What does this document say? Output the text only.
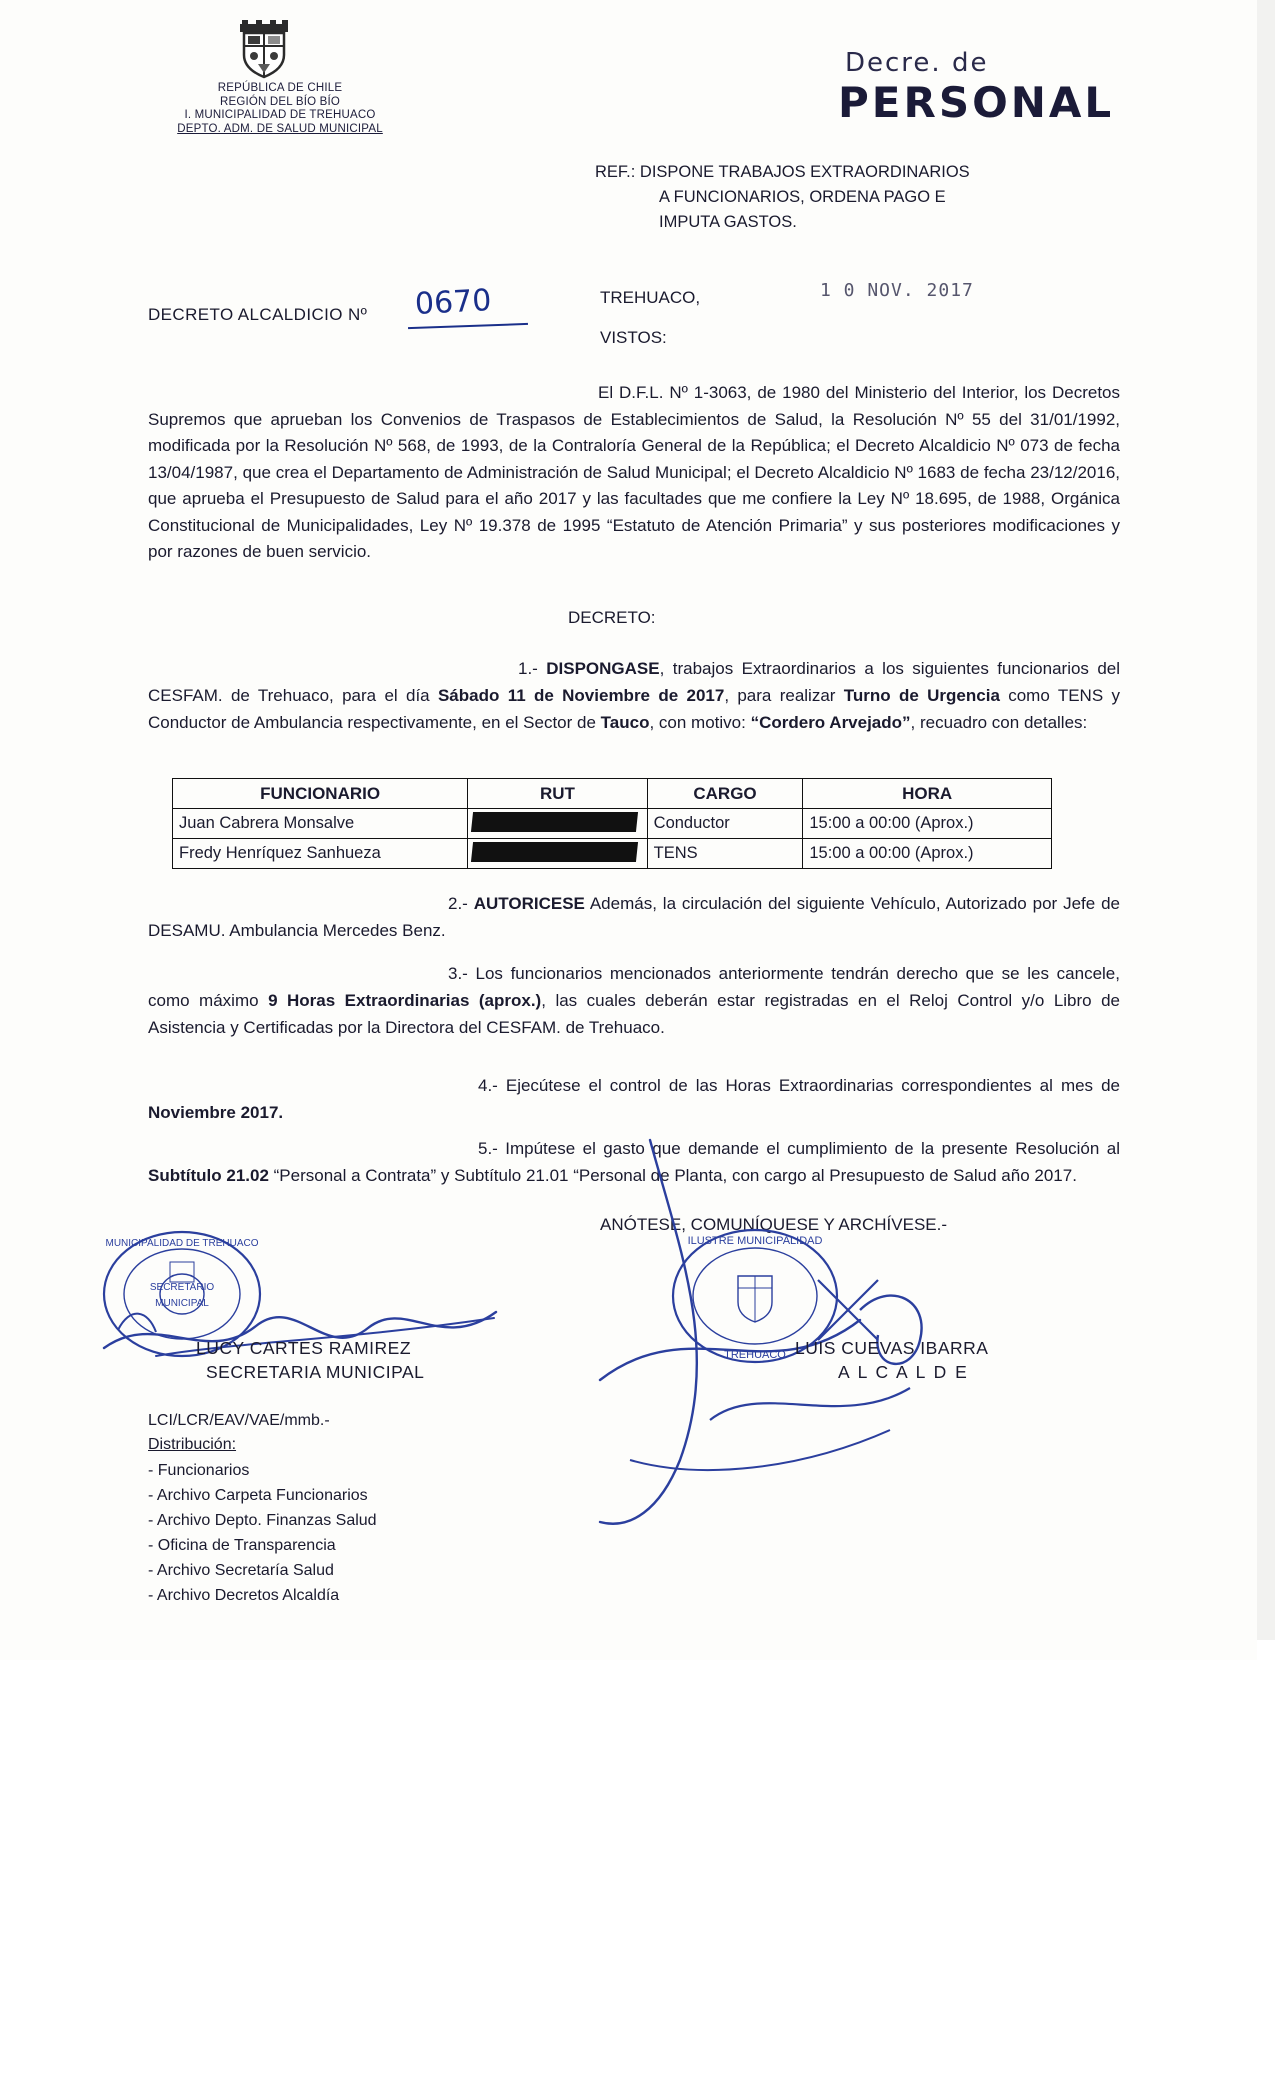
REPÚBLICA DE CHILE
REGIÓN DEL BÍO BÍO
I. MUNICIPALIDAD DE TREHUACO
DEPTO. ADM. DE SALUD MUNICIPAL
Decre. de
PERSONAL
REF.: DISPONE TRABAJOS EXTRAORDINARIOS
A FUNCIONARIOS, ORDENA PAGO E
IMPUTA GASTOS.
DECRETO ALCALDICIO Nº 0670	TREHUACO,	1 0 NOV. 2017
VISTOS:
El D.F.L. Nº 1-3063, de 1980 del Ministerio del Interior, los Decretos Supremos que aprueban los Convenios de Traspasos de Establecimientos de Salud, la Resolución Nº 55 del 31/01/1992, modificada por la Resolución Nº 568, de 1993, de la Contraloría General de la República; el Decreto Alcaldicio Nº 073 de fecha 13/04/1987, que crea el Departamento de Administración de Salud Municipal; el Decreto Alcaldicio Nº 1683 de fecha 23/12/2016, que aprueba el Presupuesto de Salud para el año 2017 y las facultades que me confiere la Ley Nº 18.695, de 1988, Orgánica Constitucional de Municipalidades, Ley Nº 19.378 de 1995 “Estatuto de Atención Primaria” y sus posteriores modificaciones y por razones de buen servicio.
DECRETO:
1.- DISPONGASE, trabajos Extraordinarios a los siguientes funcionarios del CESFAM. de Trehuaco, para el día Sábado 11 de Noviembre de 2017, para realizar Turno de Urgencia como TENS y Conductor de Ambulancia respectivamente, en el Sector de Tauco, con motivo: “Cordero Arvejado”, recuadro con detalles:
FUNCIONARIO	RUT	CARGO	HORA
Juan Cabrera Monsalve		Conductor	15:00 a 00:00 (Aprox.)
Fredy Henríquez Sanhueza		TENS	15:00 a 00:00 (Aprox.)
2.- AUTORICESE Además, la circulación del siguiente Vehículo, Autorizado por Jefe de DESAMU. Ambulancia Mercedes Benz.
3.- Los funcionarios mencionados anteriormente tendrán derecho que se les cancele, como máximo 9 Horas Extraordinarias (aprox.), las cuales deberán estar registradas en el Reloj Control y/o Libro de Asistencia y Certificadas por la Directora del CESFAM. de Trehuaco.
4.- Ejecútese el control de las Horas Extraordinarias correspondientes al mes de Noviembre 2017.
5.- Impútese el gasto que demande el cumplimiento de la presente Resolución al Subtítulo 21.02 “Personal a Contrata” y Subtítulo 21.01 “Personal de Planta, con cargo al Presupuesto de Salud año 2017.
ANÓTESE, COMUNÍQUESE Y ARCHÍVESE.-
MUNICIPALIDAD DE TREHUACO
SECRETARIO
MUNICIPAL
ILUSTRE MUNICIPALIDAD
TREHUACO
LUCY CARTES RAMIREZ
SECRETARIA MUNICIPAL
LUIS CUEVAS IBARRA
A L C A L D E
LCI/LCR/EAV/VAE/mmb.-
Distribución:
- Funcionarios
- Archivo Carpeta Funcionarios
- Archivo Depto. Finanzas Salud
- Oficina de Transparencia
- Archivo Secretaría Salud
- Archivo Decretos Alcaldía
